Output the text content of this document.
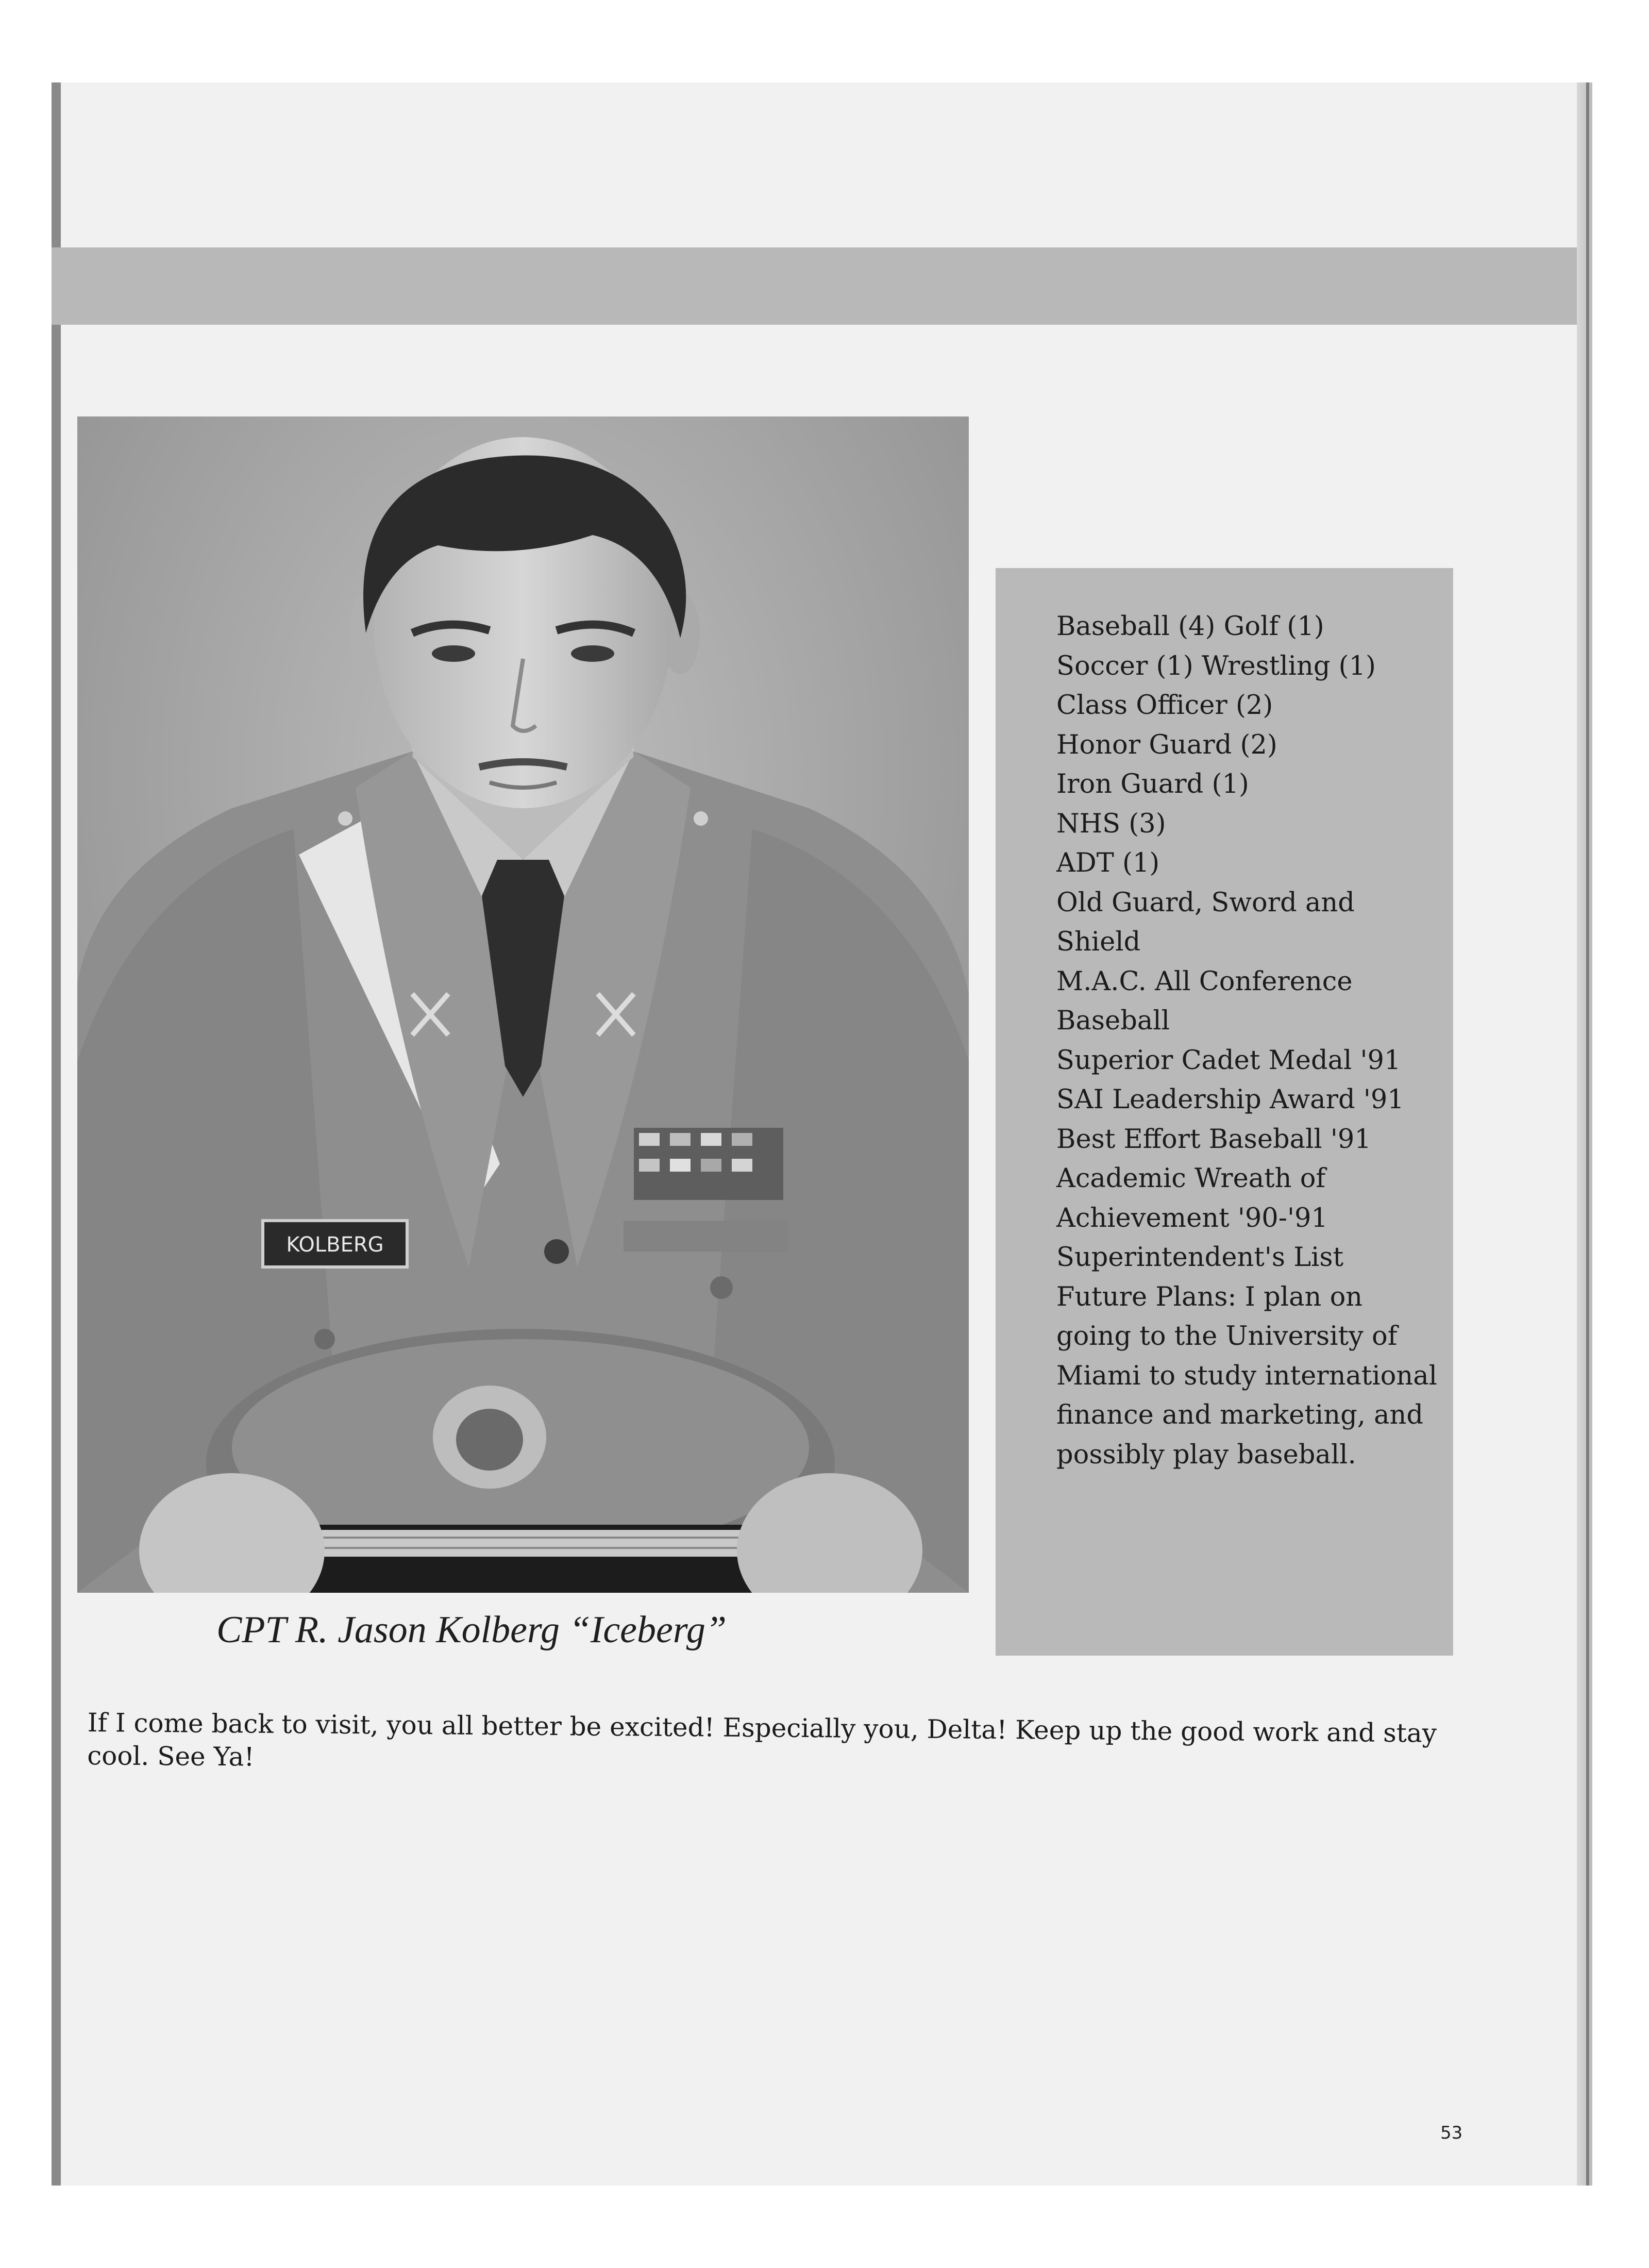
KOLBERG
Baseball (4) Golf (1)
Soccer (1) Wrestling (1)
Class Officer (2)
Honor Guard (2)
Iron Guard (1)
NHS (3)
ADT (1)
Old Guard, Sword and
Shield
M.A.C. All Conference
Baseball
Superior Cadet Medal '91
SAI Leadership Award '91
Best Effort Baseball '91
Academic Wreath of
Achievement '90-'91
Superintendent's List
Future Plans: I plan on
going to the University of
Miami to study international
finance and marketing, and
possibly play baseball.
CPT R. Jason Kolberg “Iceberg”
If I come back to visit, you all better be excited! Especially you, Delta! Keep up the good work and stay cool. See Ya!
53
